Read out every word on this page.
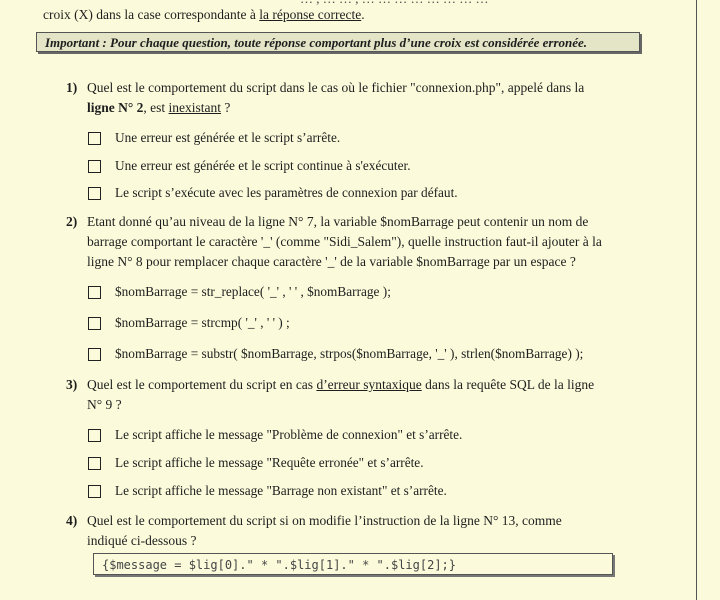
croix (X) dans la case correspondante à la réponse correcte.
Important : Pour chaque question, toute réponse comportant plus d’une croix est considérée erronée.
1) Quel est le comportement du script dans le cas où le fichier "connexion.php", appelé dans la
ligne N° 2, est inexistant ?
Une erreur est générée et le script s’arrête.
Une erreur est générée et le script continue à s'exécuter.
Le script s’exécute avec les paramètres de connexion par défaut.
2) Etant donné qu’au niveau de la ligne N° 7, la variable $nomBarrage peut contenir un nom de
barrage comportant le caractère '_' (comme "Sidi_Salem"), quelle instruction faut-il ajouter à la
ligne N° 8 pour remplacer chaque caractère '_' de la variable $nomBarrage par un espace ?
$nomBarrage = str_replace( '_' , ' ' , $nomBarrage );
$nomBarrage = strcmp( '_' , ' ' ) ;
$nomBarrage = substr( $nomBarrage, strpos($nomBarrage, '_' ), strlen($nomBarrage) );
3) Quel est le comportement du script en cas d’erreur syntaxique dans la requête SQL de la ligne
N° 9 ?
Le script affiche le message "Problème de connexion" et s’arrête.
Le script affiche le message "Requête erronée" et s’arrête.
Le script affiche le message "Barrage non existant" et s’arrête.
4) Quel est le comportement du script si on modifie l’instruction de la ligne N° 13, comme
indiqué ci-dessous ?
{$message = $lig[0]." * ".$lig[1]." * ".$lig[2];}
